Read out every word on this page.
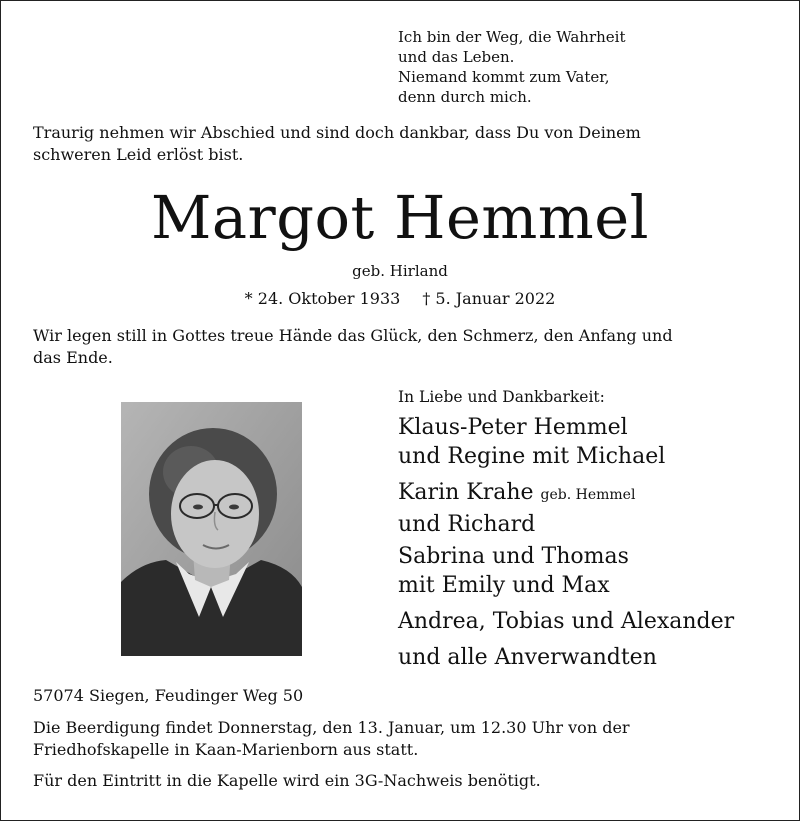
Ich bin der Weg, die Wahrheit
und das Leben.
Niemand kommt zum Vater,
denn durch mich.
Traurig nehmen wir Abschied und sind doch dankbar, dass Du von Deinem
schweren Leid erlöst bist.
Margot Hemmel
geb. Hirland
* 24. Oktober 1933 † 5. Januar 2022
Wir legen still in Gottes treue Hände das Glück, den Schmerz, den Anfang und
das Ende.
In Liebe und Dankbarkeit:
Klaus-Peter Hemmel
und Regine mit Michael
Karin Krahe geb. Hemmel
und Richard
Sabrina und Thomas
mit Emily und Max
Andrea, Tobias und Alexander
und alle Anverwandten
57074 Siegen, Feudinger Weg 50
Die Beerdigung findet Donnerstag, den 13. Januar, um 12.30 Uhr von der
Friedhofskapelle in Kaan-Marienborn aus statt.
Für den Eintritt in die Kapelle wird ein 3G-Nachweis benötigt.
